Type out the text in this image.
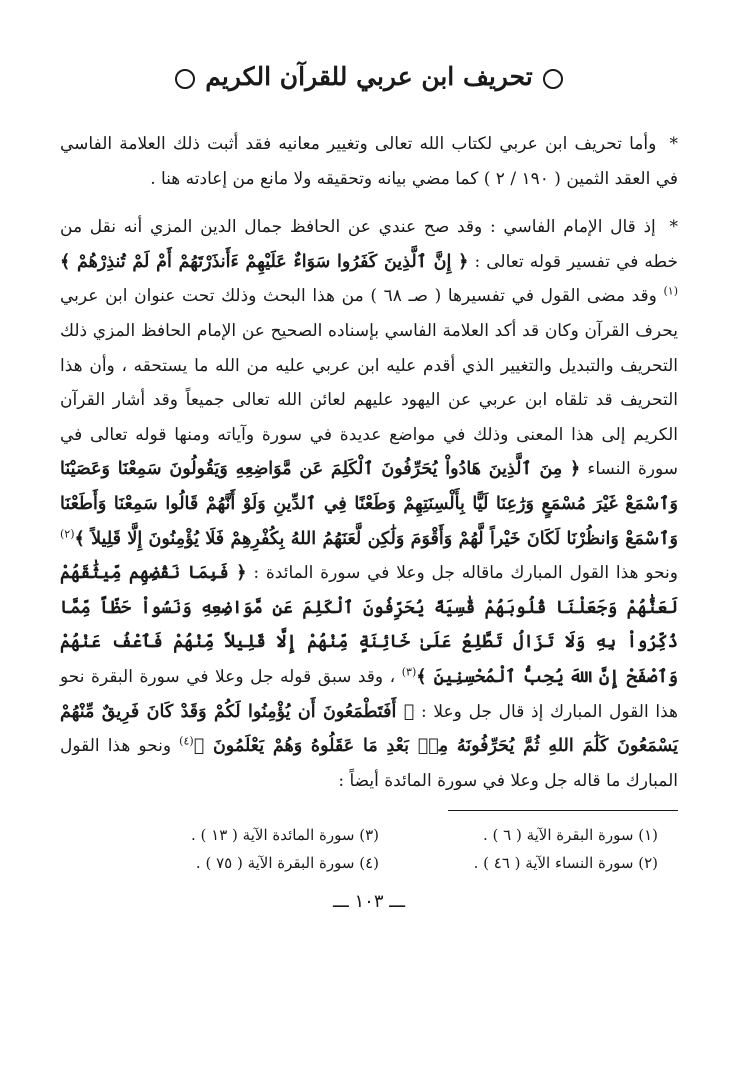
تحريف ابن عربي للقرآن الكريم

* وأما تحريف ابن عربي لكتاب الله تعالى وتغيير معانيه فقد أثبت ذلك العلامة الفاسي في العقد الثمين ( ١٩٠ / ٢ ) كما مضي بيانه وتحقيقه ولا مانع من إعادته هنا .

* إذ قال الإمام الفاسي : وقد صح عندي عن الحافظ جمال الدين المزي أنه نقل من خطه في تفسير قوله تعالى : ﴿ إِنَّ ٱلَّذِينَ كَفَرُوا سَوَاءٌ عَلَيْهِمْ ءَأَنذَرْتَهُمْ أَمْ لَمْ تُنذِرْهُمْ ﴾$^{(١)}$ وقد مضى القول في تفسيرها ( صـ ٦٨ ) من هذا البحث وذلك تحت عنوان ابن عربي يحرف القرآن وكان قد أكد العلامة الفاسي بإسناده الصحيح عن الإمام الحافظ المزي ذلك التحريف والتبديل والتغيير الذي أقدم عليه ابن عربي عليه من الله ما يستحقه ، وأن هذا التحريف قد تلقاه ابن عربي عن اليهود عليهم لعائن الله تعالى جميعاً وقد أشار القرآن الكريم إلى هذا المعنى وذلك في مواضع عديدة في سورة وآياته ومنها قوله تعالى في سورة النساء ﴿ مِنَ ٱلَّذِينَ هَادُواْ يُحَرِّفُونَ ٱلْكَلِمَ عَن مَّوَاضِعِهِ وَيَقُولُونَ سَمِعْنَا وَعَصَيْنَا وَٱسْمَعْ غَيْرَ مُسْمَعٍ وَرَٰعِنَا لَيًّا بِأَلْسِنَتِهِمْ وَطَعْنًا فِي ٱلدِّينِ وَلَوْ أَنَّهُمْ قَالُوا سَمِعْنَا وَأَطَعْنَا وَٱسْمَعْ وَانظُرْنَا لَكَانَ خَيْراً لَّهُمْ وَأَقْوَمَ وَلَٰكِن لَّعَنَهُمُ اللهُ بِكُفْرِهِمْ فَلَا يُؤْمِنُونَ إِلَّا قَلِيلاً ﴾$^{(٢)}$ ونحو هذا القول المبارك ماقاله جل وعلا في سورة المائدة : ﴿ فَبِمَا نَقْضِهِم مِّيثَٰقَهُمْ لَعَنَّٰهُمْ وَجَعَلْنَا قُلُوبَهُمْ قَٰسِيَةً يُحَرِّفُونَ ٱلْكَلِمَ عَن مَّوَاضِعِهِ وَنَسُواْ حَظّاً مِّمَّا ذُكِّرُواْ بِهِ وَلَا تَزَالُ تَطَّلِعُ عَلَىٰ خَائِنَةٍ مِّنْهُمْ إِلَّا قَلِيلاً مِّنْهُمْ فَٱعْفُ عَنْهُمْ وَٱصْفَحْ إِنَّ اللهَ يُحِبُّ ٱلْمُحْسِنِينَ ﴾$^{(٣)}$ ، وقد سبق قوله جل وعلا في سورة البقرة نحو هذا القول المبارك إذ قال جل وعلا : ﴿ أَفَتَطْمَعُونَ أَن يُؤْمِنُوا لَكُمْ وَقَدْ كَانَ فَرِيقٌ مِّنْهُمْ يَسْمَعُونَ كَلَٰمَ اللهِ ثُمَّ يُحَرِّفُونَهُ مِنۢ بَعْدِ مَا عَقَلُوهُ وَهُمْ يَعْلَمُونَ ﴾$^{(٤)}$ ونحو هذا القول المبارك ما قاله جل وعلا في سورة المائدة أيضاً :

(١) سورة البقرة الآية ( ٦ ) .
(٣) سورة المائدة الآية ( ١٣ ) .
(٢) سورة النساء الآية ( ٤٦ ) .
(٤) سورة البقرة الآية ( ٧٥ ) .
ـــ ١٠٣ ـــ
